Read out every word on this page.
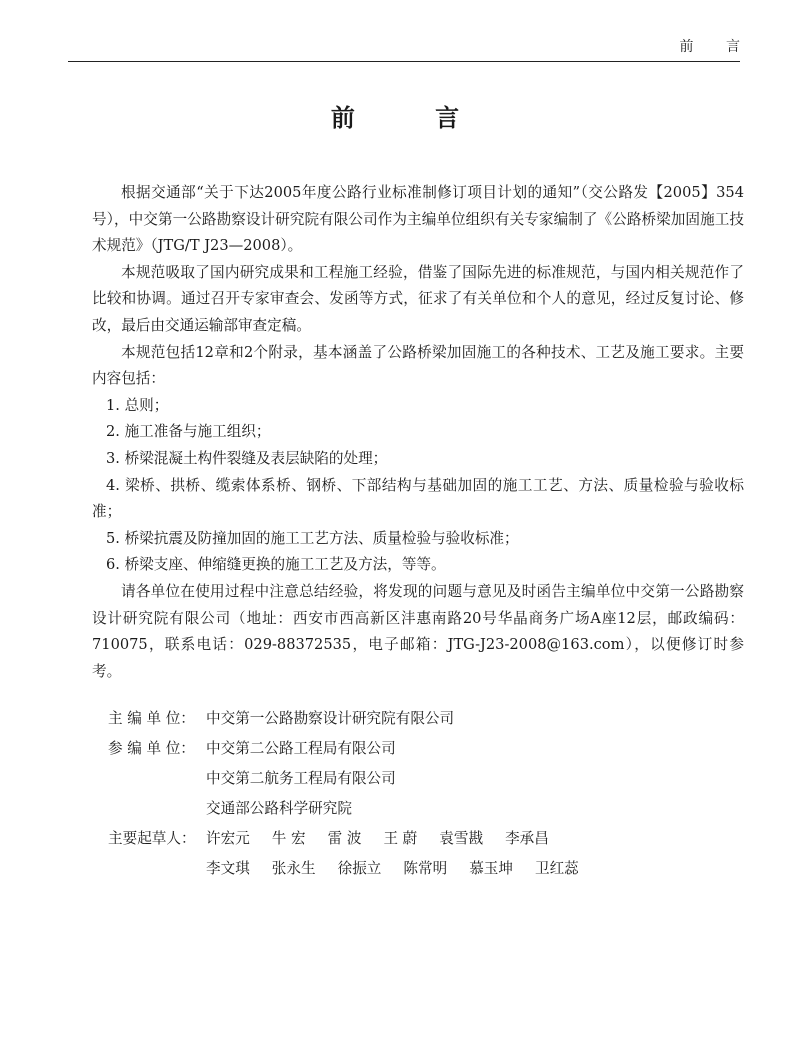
前 言
前 言

根据交通部“关于下达2005年度公路行业标准制修订项目计划的通知”（交公路发【2005】354号），中交第一公路勘察设计研究院有限公司作为主编单位组织有关专家编制了《公路桥梁加固施工技术规范》（JTG/T J23—2008）。

本规范吸取了国内研究成果和工程施工经验，借鉴了国际先进的标准规范，与国内相关规范作了比较和协调。通过召开专家审查会、发函等方式，征求了有关单位和个人的意见，经过反复讨论、修改，最后由交通运输部审查定稿。

本规范包括12章和2个附录，基本涵盖了公路桥梁加固施工的各种技术、工艺及施工要求。主要内容包括：

1. 总则；

2. 施工准备与施工组织；

3. 桥梁混凝土构件裂缝及表层缺陷的处理；

4. 梁桥、拱桥、缆索体系桥、钢桥、下部结构与基础加固的施工工艺、方法、质量检验与验收标准；

5. 桥梁抗震及防撞加固的施工工艺方法、质量检验与验收标准；

6. 桥梁支座、伸缩缝更换的施工工艺及方法，等等。

请各单位在使用过程中注意总结经验，将发现的问题与意见及时函告主编单位中交第一公路勘察设计研究院有限公司（地址：西安市西高新区沣惠南路20号华晶商务广场A座12层，邮政编码：710075，联系电话：029-88372535，电子邮箱：JTG-J23-2008@163.com），以便修订时参考。

主 编 单 位： 中交第一公路勘察设计研究院有限公司
参 编 单 位： 中交第二公路工程局有限公司
中交第二航务工程局有限公司
交通部公路科学研究院
主要起草人： 许宏元 牛 宏 雷 波 王 蔚 袁雪戡 李承昌
李文琪 张永生 徐振立 陈常明 慕玉坤 卫红蕊
